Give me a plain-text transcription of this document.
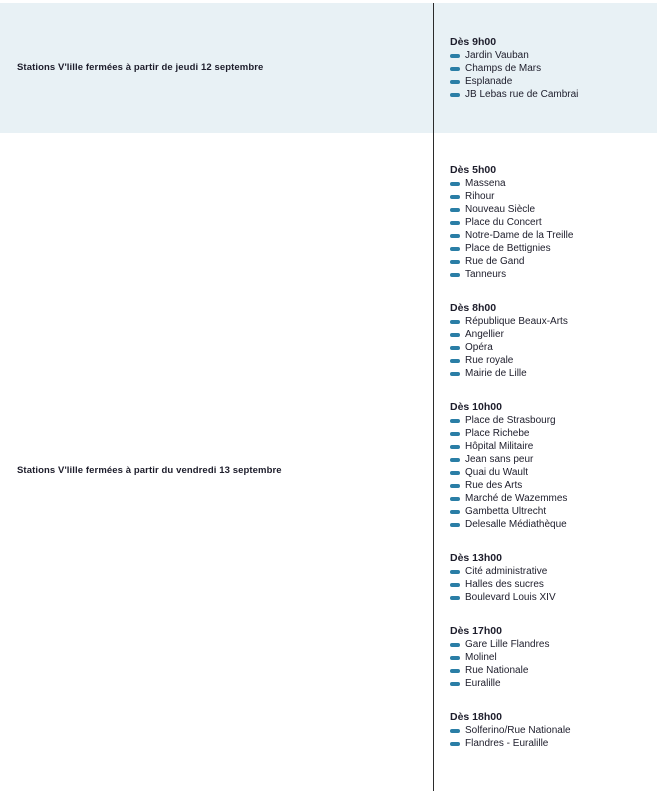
Stations V'lille fermées à partir de jeudi 12 septembre
Dès 9h00
Jardin Vauban
Champs de Mars
Esplanade
JB Lebas rue de Cambrai
Stations V'lille fermées à partir du vendredi 13 septembre
Dès 5h00
Massena
Rihour
Nouveau Siècle
Place du Concert
Notre-Dame de la Treille
Place de Bettignies
Rue de Gand
Tanneurs
Dès 8h00
République Beaux-Arts
Angellier
Opéra
Rue royale
Mairie de Lille
Dès 10h00
Place de Strasbourg
Place Richebe
Hôpital Militaire
Jean sans peur
Quai du Wault
Rue des Arts
Marché de Wazemmes
Gambetta Ultrecht
Delesalle Médiathèque
Dès 13h00
Cité administrative
Halles des sucres
Boulevard Louis XIV
Dès 17h00
Gare Lille Flandres
Molinel
Rue Nationale
Euralille
Dès 18h00
Solferino/Rue Nationale
Flandres - Euralille
